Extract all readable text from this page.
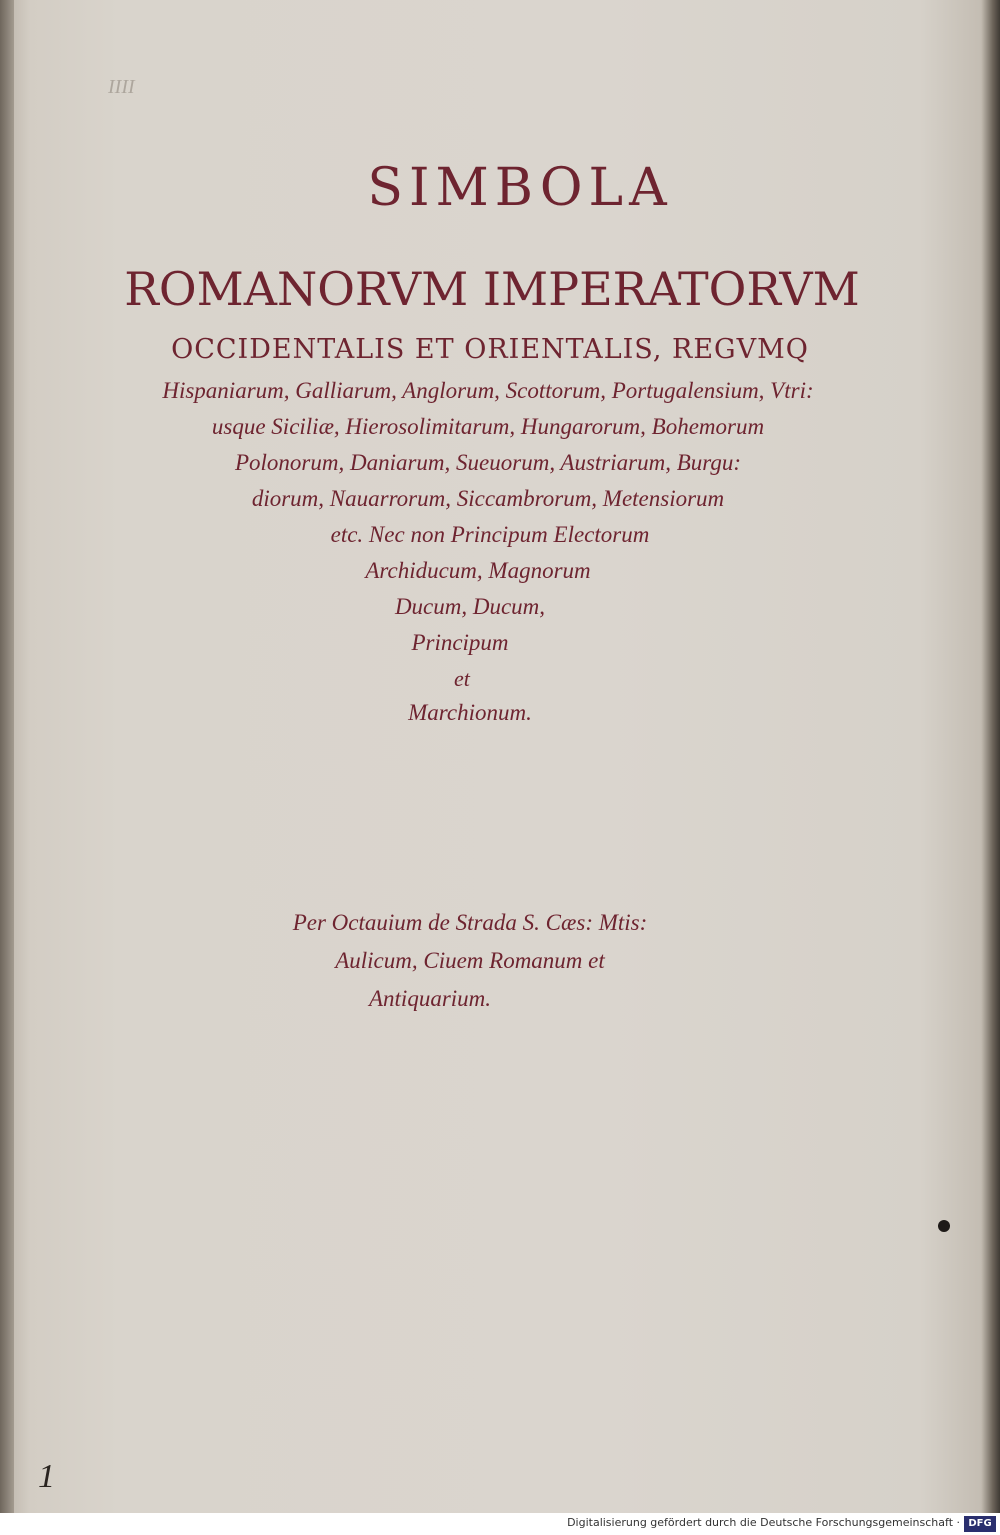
IIII
SIMBOLA
ROMANORVM IMPERATORVM
OCCIDENTALIS ET ORIENTALIS, REGVMQ
Hispaniarum, Galliarum, Anglorum, Scottorum, Portugalensium, Vtri:
usque Siciliæ, Hierosolimitarum, Hungarorum, Bohemorum
Polonorum, Daniarum, Sueuorum, Austriarum, Burgu:
diorum, Nauarrorum, Siccambrorum, Metensiorum
etc. Nec non Principum Electorum
Archiducum, Magnorum
Ducum, Ducum,
Principum
et
Marchionum.
Per Octauium de Strada S. Cæs: Mtis:
Aulicum, Ciuem Romanum et
Antiquarium.
1
Digitalisierung gefördert durch die Deutsche Forschungsgemeinschaft · DFG
